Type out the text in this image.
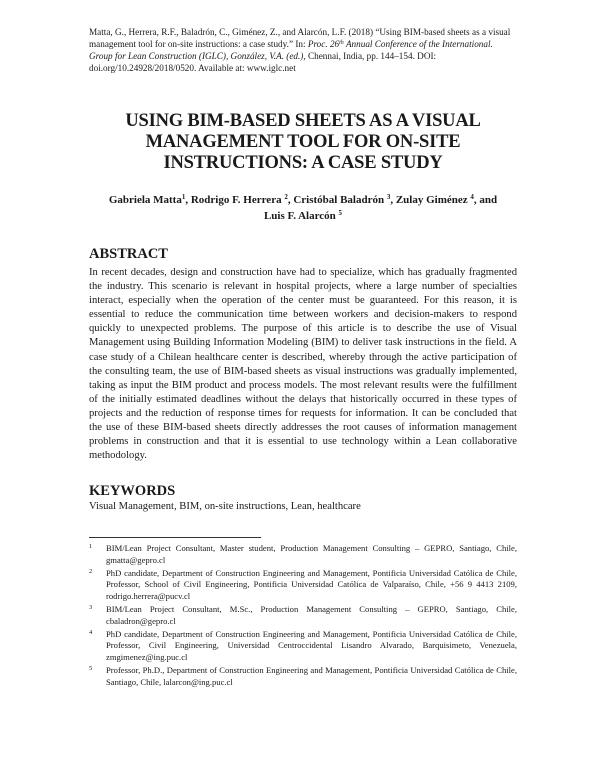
Matta, G., Herrera, R.F., Baladrón, C., Giménez, Z., and Alarcón, L.F. (2018) “Using BIM-based sheets as a visual management tool for on-site instructions: a case study.” In: Proc. 26th Annual Conference of the International. Group for Lean Construction (IGLC), González, V.A. (ed.), Chennai, India, pp. 144–154. DOI: doi.org/10.24928/2018/0520. Available at: www.iglc.net
USING BIM-BASED SHEETS AS A VISUAL
MANAGEMENT TOOL FOR ON-SITE
INSTRUCTIONS: A CASE STUDY
Gabriela Matta$^1$, Rodrigo F. Herrera $^2$, Cristóbal Baladrón $^3$, Zulay Giménez $^4$, and
Luis F. Alarcón $^5$
ABSTRACT
In recent decades, design and construction have had to specialize, which has gradually fragmented the industry. This scenario is relevant in hospital projects, where a large number of specialties interact, especially when the operation of the center must be guaranteed. For this reason, it is essential to reduce the communication time between workers and decision-makers to respond quickly to unexpected problems. The purpose of this article is to describe the use of Visual Management using Building Information Modeling (BIM) to deliver task instructions in the field. A case study of a Chilean healthcare center is described, whereby through the active participation of the consulting team, the use of BIM-based sheets as visual instructions was gradually implemented, taking as input the BIM product and process models. The most relevant results were the fulfillment of the initially estimated deadlines without the delays that historically occurred in these types of projects and the reduction of response times for requests for information. It can be concluded that the use of these BIM-based sheets directly addresses the root causes of information management problems in construction and that it is essential to use technology within a Lean collaborative methodology.
KEYWORDS
Visual Management, BIM, on-site instructions, Lean, healthcare
1 BIM/Lean Project Consultant, Master student, Production Management Consulting – GEPRO, Santiago, Chile, gmatta@gepro.cl
2 PhD candidate, Department of Construction Engineering and Management, Pontificia Universidad Católica de Chile, Professor, School of Civil Engineering, Pontificia Universidad Católica de Valparaíso, Chile, +56 9 4413 2109, rodrigo.herrera@pucv.cl
3 BIM/Lean Project Consultant, M.Sc., Production Management Consulting – GEPRO, Santiago, Chile, cbaladron@gepro.cl
4 PhD candidate, Department of Construction Engineering and Management, Pontificia Universidad Católica de Chile, Professor, Civil Engineering, Universidad Centroccidental Lisandro Alvarado, Barquisimeto, Venezuela, zmgimenez@ing.puc.cl
5 Professor, Ph.D., Department of Construction Engineering and Management, Pontificia Universidad Católica de Chile, Santiago, Chile, lalarcon@ing.puc.cl
